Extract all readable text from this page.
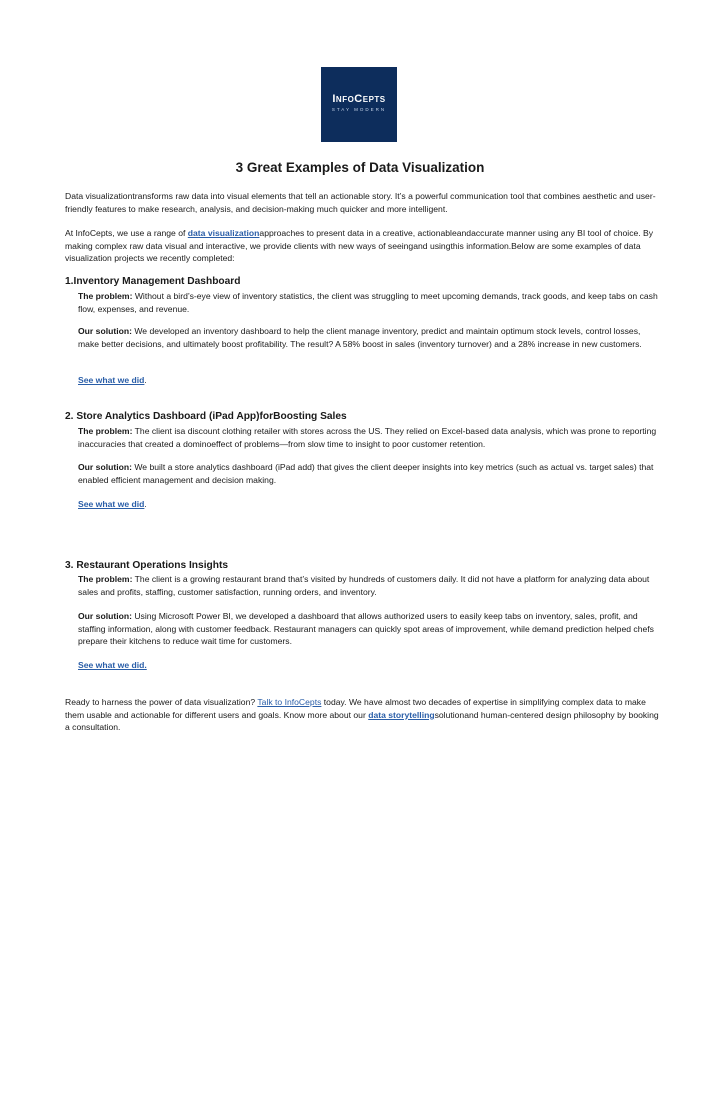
InfoCepts
STAY MODERN
3 Great Examples of Data Visualization

Data visualizationtransforms raw data into visual elements that tell an actionable story. It’s a powerful communication tool that combines aesthetic and user-friendly features to make research, analysis, and decision-making much quicker and more intelligent.

At InfoCepts, we use a range of data visualizationapproaches to present data in a creative, actionableandaccurate manner using any BI tool of choice. By making complex raw data visual and interactive, we provide clients with new ways of seeingand usingthis information.Below are some examples of data visualization projects we recently completed:

1.Inventory Management Dashboard

The problem: Without a bird’s-eye view of inventory statistics, the client was struggling to meet upcoming demands, track goods, and keep tabs on cash flow, expenses, and revenue.

Our solution: We developed an inventory dashboard to help the client manage inventory, predict and maintain optimum stock levels, control losses, make better decisions, and ultimately boost profitability. The result? A 58% boost in sales (inventory turnover) and a 28% increase in new customers.

See what we did.

2. Store Analytics Dashboard (iPad App)forBoosting Sales

The problem: The client isa discount clothing retailer with stores across the US. They relied on Excel-based data analysis, which was prone to reporting inaccuracies that created a dominoeffect of problems—from slow time to insight to poor customer retention.

Our solution: We built a store analytics dashboard (iPad add) that gives the client deeper insights into key metrics (such as actual vs. target sales) that enabled efficient management and decision making.

See what we did.

3. Restaurant Operations Insights

The problem: The client is a growing restaurant brand that’s visited by hundreds of customers daily. It did not have a platform for analyzing data about sales and profits, staffing, customer satisfaction, running orders, and inventory.

Our solution: Using Microsoft Power BI, we developed a dashboard that allows authorized users to easily keep tabs on inventory, sales, profit, and staffing information, along with customer feedback. Restaurant managers can quickly spot areas of improvement, while demand prediction helped chefs prepare their kitchens to reduce wait time for customers.

See what we did.

Ready to harness the power of data visualization? Talk to InfoCepts today. We have almost two decades of expertise in simplifying complex data to make them usable and actionable for different users and goals. Know more about our data storytellingsolutionand human-centered design philosophy by booking a consultation.
